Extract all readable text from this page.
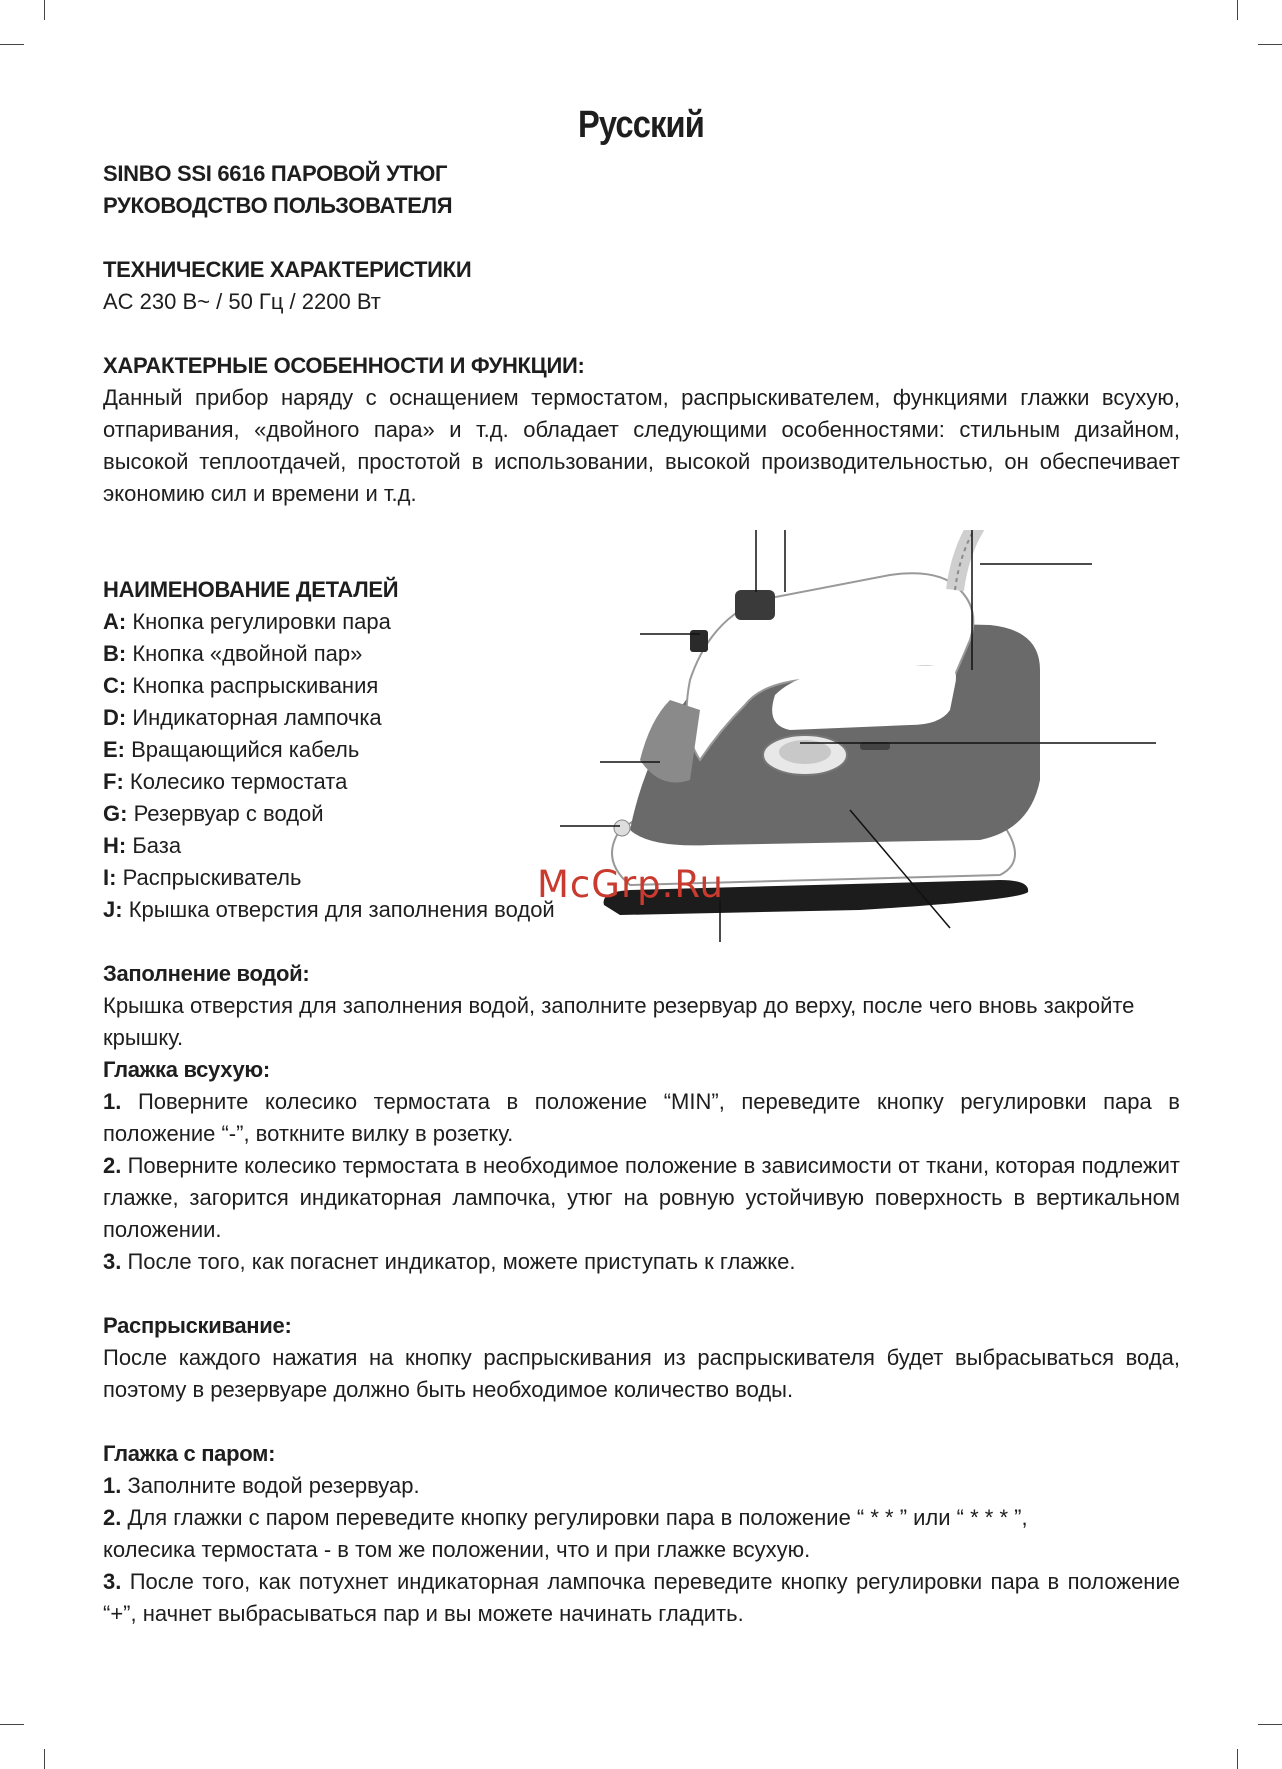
Русский
SINBO SSI 6616 ПАРОВОЙ УТЮГ
РУКОВОДСТВО ПОЛЬЗОВАТЕЛЯ
ТЕХНИЧЕСКИЕ ХАРАКТЕРИСТИКИ
AC 230 В~ / 50 Гц / 2200 Вт
ХАРАКТЕРНЫЕ ОСОБЕННОСТИ И ФУНКЦИИ:
Данный прибор наряду с оснащением термостатом, распрыскивателем, функциями глажки всухую, отпаривания, «двойного пара» и т.д. обладает следующими особенностями: стильным дизайном, высокой теплоотдачей, простотой в использовании, высокой производительностью, он обеспечивает экономию сил и времени и т.д.
НАИМЕНОВАНИЕ ДЕТАЛЕЙ
A: Кнопка регулировки пара
B: Кнопка «двойной пар»
C: Кнопка распрыскивания
D: Индикаторная лампочка
E: Вращающийся кабель
F: Колесико термостата
G: Резервуар с водой
H: База
I: Распрыскиватель
J: Крышка отверстия для заполнения водой
McGrp.Ru
Заполнение водой:
Крышка отверстия для заполнения водой, заполните резервуар до верху, после чего вновь закройте крышку.
Глажка всухую:
1. Поверните колесико термостата в положение “MIN”, переведите кнопку регулировки пара в положение “-”, воткните вилку в розетку.
2. Поверните колесико термостата в необходимое положение в зависимости от ткани, которая подлежит глажке, загорится индикаторная лампочка, утюг на ровную устойчивую поверхность в вертикальном положении.
3. После того, как погаснет индикатор, можете приступать к глажке.
Распрыскивание:
После каждого нажатия на кнопку распрыскивания из распрыскивателя будет выбрасываться вода, поэтому в резервуаре должно быть необходимое количество воды.
Глажка с паром:
1. Заполните водой резервуар.
2. Для глажки с паром переведите кнопку регулировки пара в положение “ * * ” или “ * * * ”,
колесика термостата - в том же положении, что и при глажке всухую.
3. После того, как потухнет индикаторная лампочка переведите кнопку регулировки пара в положение “+”, начнет выбрасываться пар и вы можете начинать гладить.
